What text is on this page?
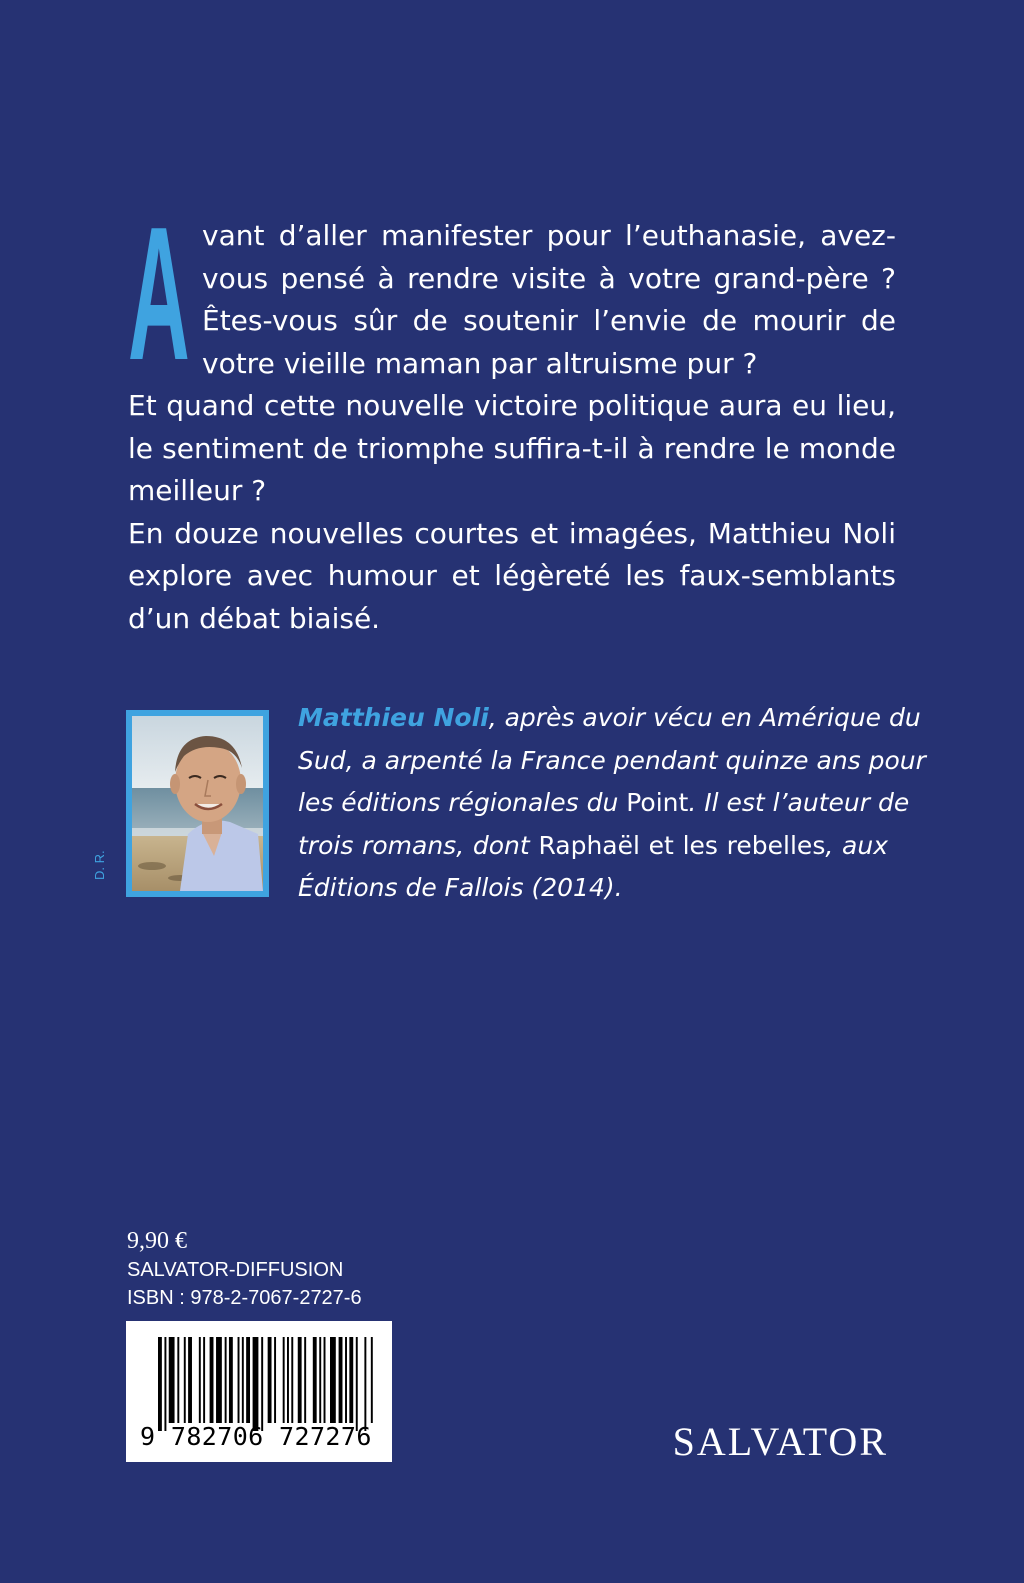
A vant d’aller manifester pour l’euthanasie, avez-
vous pensé à rendre visite à votre grand-père ?
Êtes-vous sûr de soutenir l’envie de mourir de
votre vieille maman par altruisme pur ?
Et quand cette nouvelle victoire politique aura eu lieu,
le sentiment de triomphe suffira-t-il à rendre le monde
meilleur ?
En douze nouvelles courtes et imagées, Matthieu Noli
explore avec humour et légèreté les faux-semblants
d’un débat biaisé.
D. R.
Matthieu Noli, après avoir vécu en Amérique du
Sud, a arpenté la France pendant quinze ans pour
les éditions régionales du Point. Il est l’auteur de
trois romans, dont Raphaël et les rebelles, aux
Éditions de Fallois (2014).
9,90 €
SALVATOR-DIFFUSION
ISBN : 978-2-7067-2727-6
9 782706 727276	SALVATOR
